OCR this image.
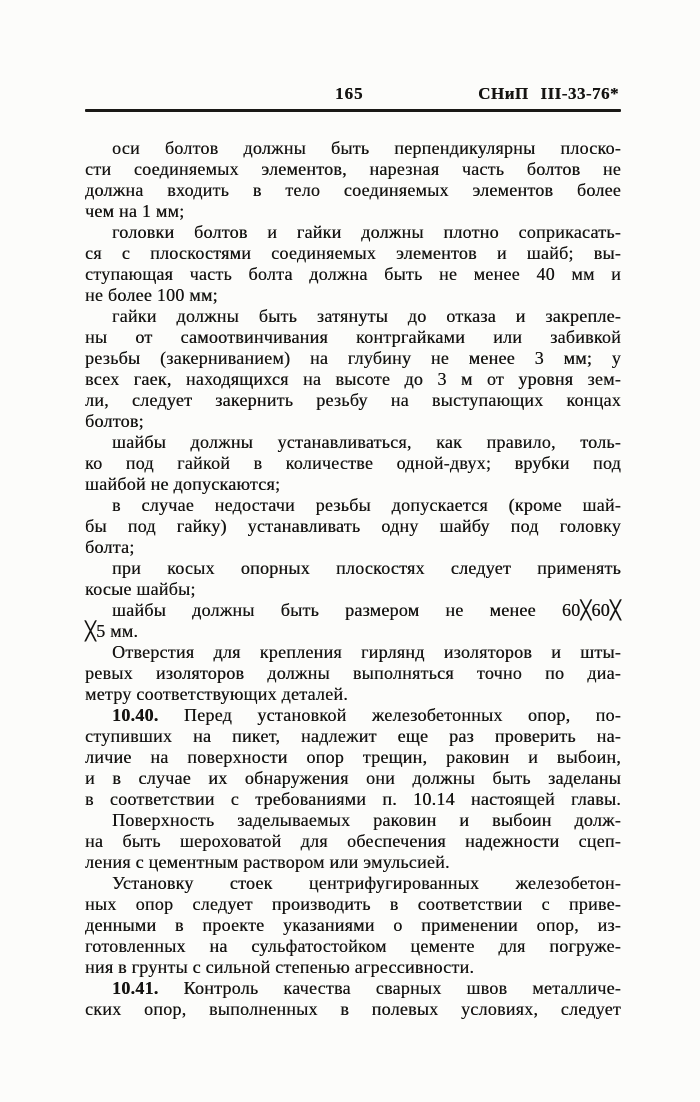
165	СНиП III-33-76*
оси болтов должны быть перпендикулярны плоско-
сти соединяемых элементов, нарезная часть болтов не
должна входить в тело соединяемых элементов более
чем на 1 мм;
головки болтов и гайки должны плотно соприкасать-
ся с плоскостями соединяемых элементов и шайб; вы-
ступающая часть болта должна быть не менее 40 мм и
не более 100 мм;
гайки должны быть затянуты до отказа и закрепле-
ны от самоотвинчивания контргайками или забивкой
резьбы (закерниванием) на глубину не менее 3 мм; у
всех гаек, находящихся на высоте до 3 м от уровня зем-
ли, следует закернить резьбу на выступающих концах
болтов;
шайбы должны устанавливаться, как правило, толь-
ко под гайкой в количестве одной-двух; врубки под
шайбой не допускаются;
в случае недостачи резьбы допускается (кроме шай-
бы под гайку) устанавливать одну шайбу под головку
болта;
при косых опорных плоскостях следует применять
косые шайбы;
шайбы должны быть размером не менее 60╳60╳
╳5 мм.
Отверстия для крепления гирлянд изоляторов и шты-
ревых изоляторов должны выполняться точно по диа-
метру соответствующих деталей.
10.40. Перед установкой железобетонных опор, по-
ступивших на пикет, надлежит еще раз проверить на-
личие на поверхности опор трещин, раковин и выбоин,
и в случае их обнаружения они должны быть заделаны
в соответствии с требованиями п. 10.14 настоящей главы.
Поверхность заделываемых раковин и выбоин долж-
на быть шероховатой для обеспечения надежности сцеп-
ления с цементным раствором или эмульсией.
Установку стоек центрифугированных железобетон-
ных опор следует производить в соответствии с приве-
денными в проекте указаниями о применении опор, из-
готовленных на сульфатостойком цементе для погруже-
ния в грунты с сильной степенью агрессивности.
10.41. Контроль качества сварных швов металличе-
ских опор, выполненных в полевых условиях, следует
